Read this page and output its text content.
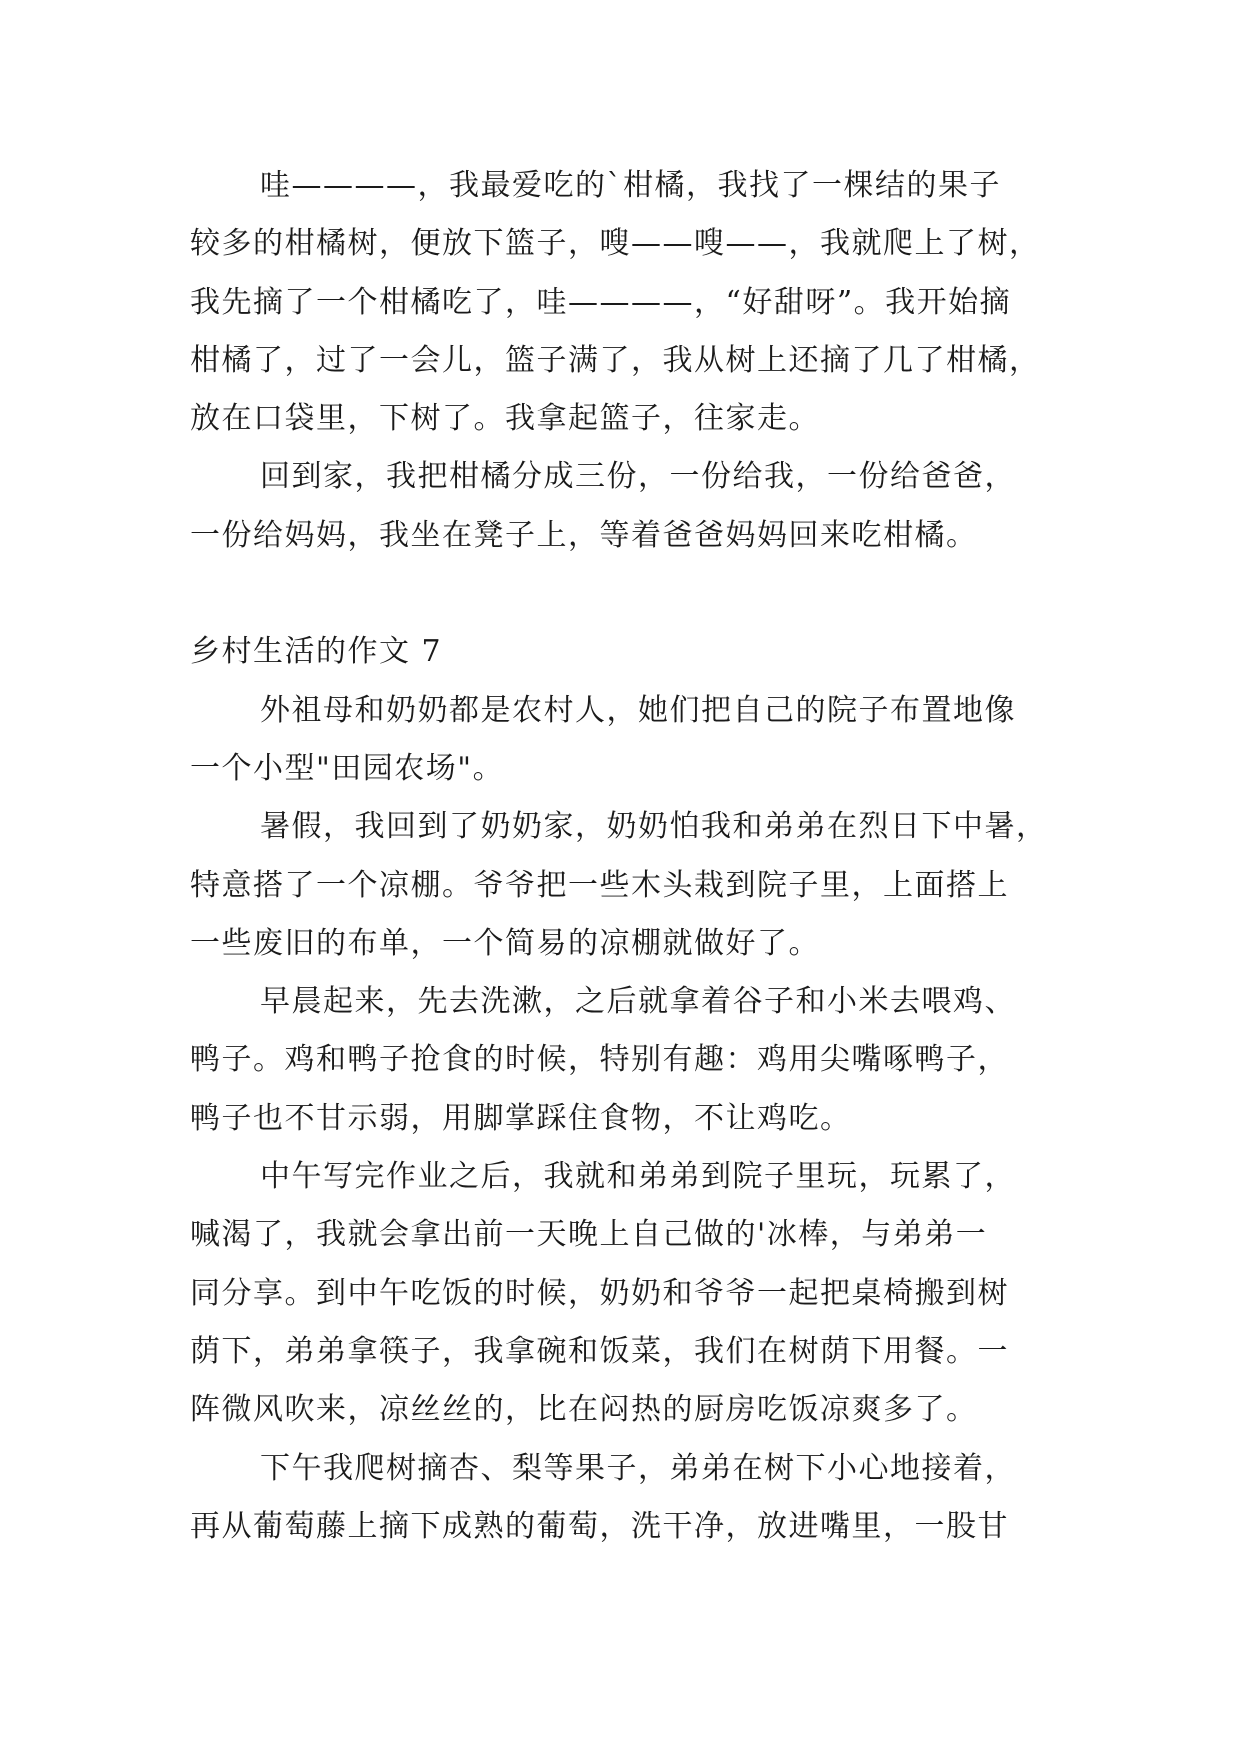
哇————，我最爱吃的`柑橘，我找了一棵结的果子
较多的柑橘树，便放下篮子，嗖——嗖——，我就爬上了树，
我先摘了一个柑橘吃了，哇————，“好甜呀”。我开始摘
柑橘了，过了一会儿，篮子满了，我从树上还摘了几了柑橘，
放在口袋里，下树了。我拿起篮子，往家走。
回到家，我把柑橘分成三份，一份给我，一份给爸爸，
一份给妈妈，我坐在凳子上，等着爸爸妈妈回来吃柑橘。
乡村生活的作文 7
外祖母和奶奶都是农村人，她们把自己的院子布置地像
一个小型"田园农场"。
暑假，我回到了奶奶家，奶奶怕我和弟弟在烈日下中暑，
特意搭了一个凉棚。爷爷把一些木头栽到院子里，上面搭上
一些废旧的布单，一个简易的凉棚就做好了。
早晨起来，先去洗漱，之后就拿着谷子和小米去喂鸡、
鸭子。鸡和鸭子抢食的时候，特别有趣：鸡用尖嘴啄鸭子，
鸭子也不甘示弱，用脚掌踩住食物，不让鸡吃。
中午写完作业之后，我就和弟弟到院子里玩，玩累了，
喊渴了，我就会拿出前一天晚上自己做的'冰棒，与弟弟一
同分享。到中午吃饭的时候，奶奶和爷爷一起把桌椅搬到树
荫下，弟弟拿筷子，我拿碗和饭菜，我们在树荫下用餐。一
阵微风吹来，凉丝丝的，比在闷热的厨房吃饭凉爽多了。
下午我爬树摘杏、梨等果子，弟弟在树下小心地接着，
再从葡萄藤上摘下成熟的葡萄，洗干净，放进嘴里，一股甘
